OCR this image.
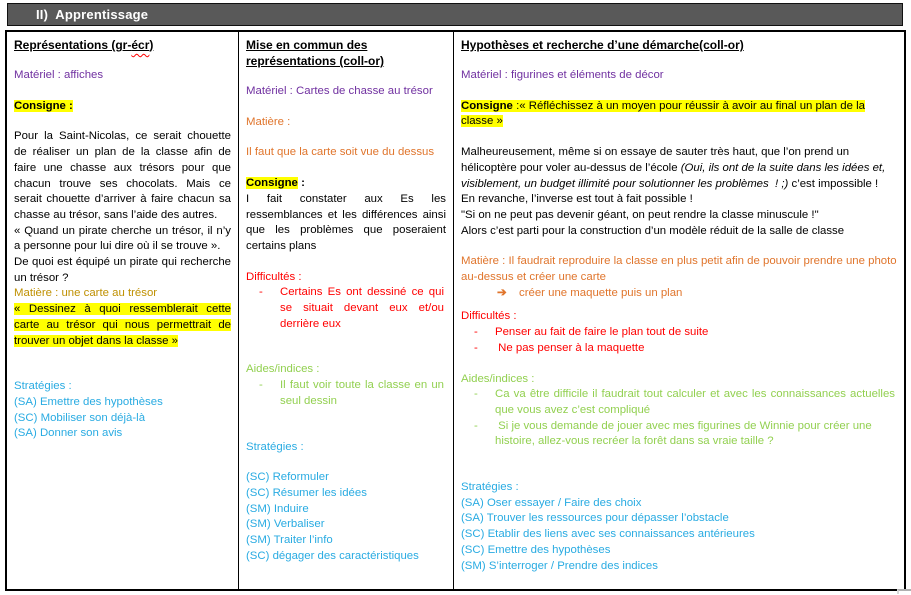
II)  Apprentissage
Représentations (gr-écr)
Matériel : affiches
Consigne :
Pour la Saint-Nicolas, ce serait chouette de réaliser un plan de la classe afin de faire une chasse aux trésors pour que chacun trouve ses chocolats. Mais ce serait chouette d’arriver à faire chacun sa chasse au trésor, sans l’aide des autres.
« Quand un pirate cherche un trésor, il n’y a personne pour lui dire où il se trouve ».
De quoi est équipé un pirate qui recherche un trésor ?
Matière : une carte au trésor
« Dessinez à quoi ressemblerait cette carte au trésor qui nous permettrait de trouver un objet dans la classe »
Stratégies :
(SA) Emettre des hypothèses
(SC) Mobiliser son déjà-là
(SA) Donner son avis
Mise en commun des représentations (coll-or)
Matériel : Cartes de chasse au trésor
Matière :
Il faut que la carte soit vue du dessus
Consigne :
I fait constater aux Es les ressemblances et les différences ainsi que les problèmes que poseraient certains plans
Difficultés :
-	Certains Es ont dessiné ce qui se situait devant eux et/ou derrière eux
Aides/indices :
-	Il faut voir toute la classe en un seul dessin
Stratégies :
(SC) Reformuler
(SC) Résumer les idées
(SM) Induire
(SM) Verbaliser
(SM) Traiter l’info
(SC) dégager des caractéristiques
Hypothèses et recherche d’une démarche(coll-or)
Matériel : figurines et éléments de décor
Consigne :« Réfléchissez à un moyen pour réussir à avoir au final un plan de la classe »
Malheureusement, même si on essaye de sauter très haut, que l’on prend un hélicoptère pour voler au-dessus de l’école (Oui, ils ont de la suite dans les idées et, visiblement, un budget illimité pour solutionner les problèmes  ! ;) c’est impossible !
En revanche, l’inverse est tout à fait possible !
"Si on ne peut pas devenir géant, on peut rendre la classe minuscule !"
Alors c’est parti pour la construction d’un modèle réduit de la salle de classe
Matière : Il faudrait reproduire la classe en plus petit afin de pouvoir prendre une photo au-dessus et créer une carte
➔	créer une maquette puis un plan
Difficultés :
-	Penser au fait de faire le plan tout de suite
-	Ne pas penser à la maquette
Aides/indices :
-	Ca va être difficile il faudrait tout calculer et avec les connaissances actuelles que vous avez c’est compliqué
-	Si je vous demande de jouer avec mes figurines de Winnie pour créer une histoire, allez-vous recréer la forêt dans sa vraie taille ?
Stratégies :
(SA) Oser essayer / Faire des choix
(SA) Trouver les ressources pour dépasser l’obstacle
(SC) Etablir des liens avec ses connaissances antérieures
(SC) Emettre des hypothèses
(SM) S’interroger / Prendre des indices
